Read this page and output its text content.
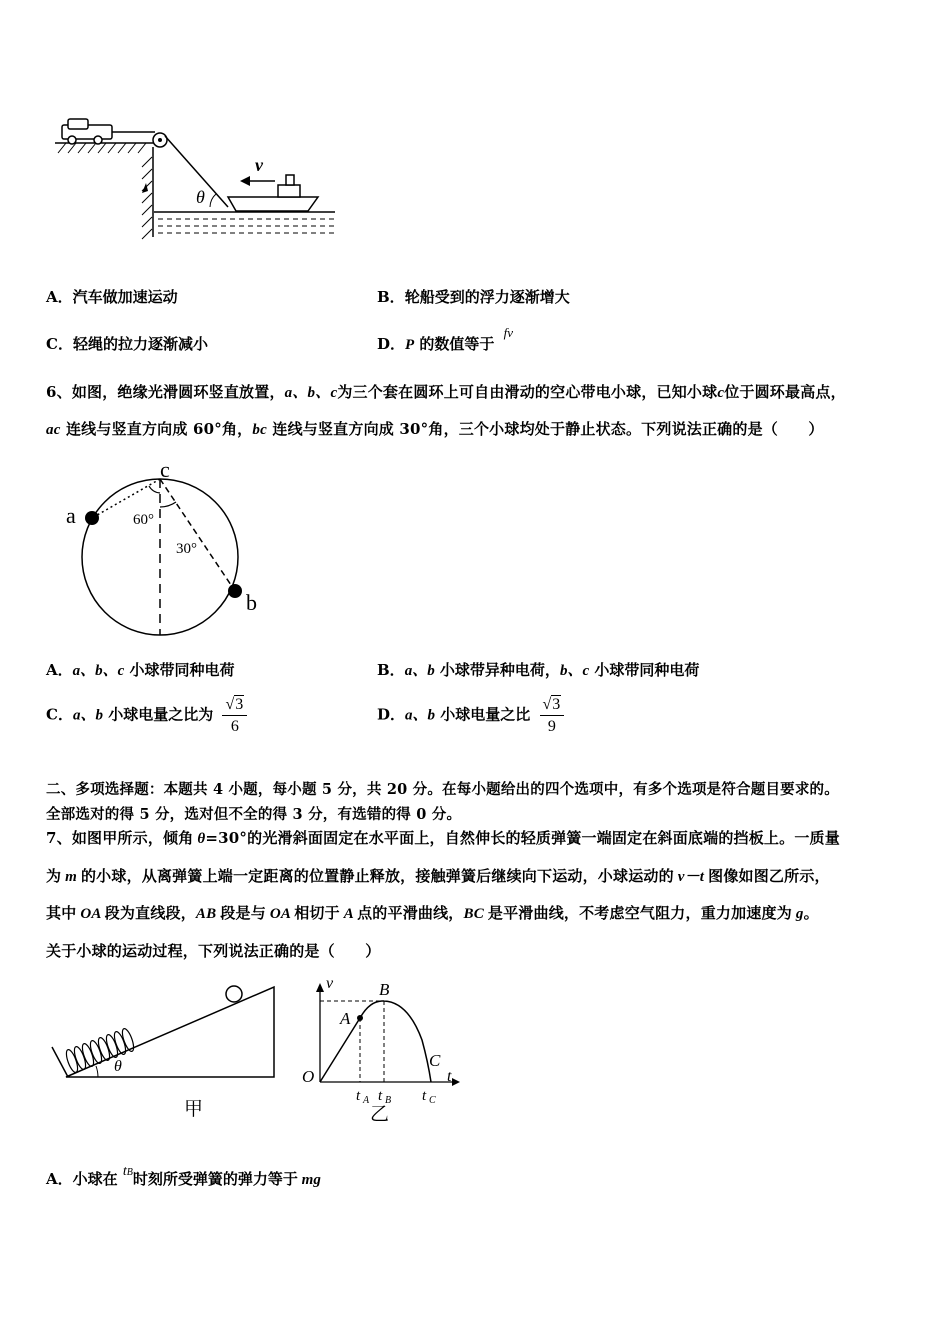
θ
v
A．汽车做加速运动	B．轮船受到的浮力逐渐增大
C．轻绳的拉力逐渐减小	D．P 的数值等于 fv
6、如图，绝缘光滑圆环竖直放置，a、b、c为三个套在圆环上可自由滑动的空心带电小球，已知小球c位于圆环最高点，
ac 连线与竖直方向成 60°角，bc 连线与竖直方向成 30°角，三个小球均处于静止状态。下列说法正确的是（　　）
a
b
c
60°
30°
A．a、b、c 小球带同种电荷	B．a、b 小球带异种电荷，b、c 小球带同种电荷
C．a、b 小球电量之比为 $\frac{√3}{6}$	D．a、b 小球电量之比 $\frac{√3}{9}$
二、多项选择题：本题共 4 小题，每小题 5 分，共 20 分。在每小题给出的四个选项中，有多个选项是符合题目要求的。
全部选对的得 5 分，选对但不全的得 3 分，有选错的得 0 分。
7、如图甲所示，倾角 θ=30°的光滑斜面固定在水平面上，自然伸长的轻质弹簧一端固定在斜面底端的挡板上。一质量
为 m 的小球，从离弹簧上端一定距离的位置静止释放，接触弹簧后继续向下运动，小球运动的 v－t 图像如图乙所示，
其中 OA 段为直线段，AB 段是与 OA 相切于 A 点的平滑曲线，BC 是平滑曲线，不考虑空气阻力，重力加速度为 g。
关于小球的运动过程，下列说法正确的是（　　）
θ
甲
v
t
O
A
B
C
t A t B t C
乙
A．小球在 tB时刻所受弹簧的弹力等于 mg
